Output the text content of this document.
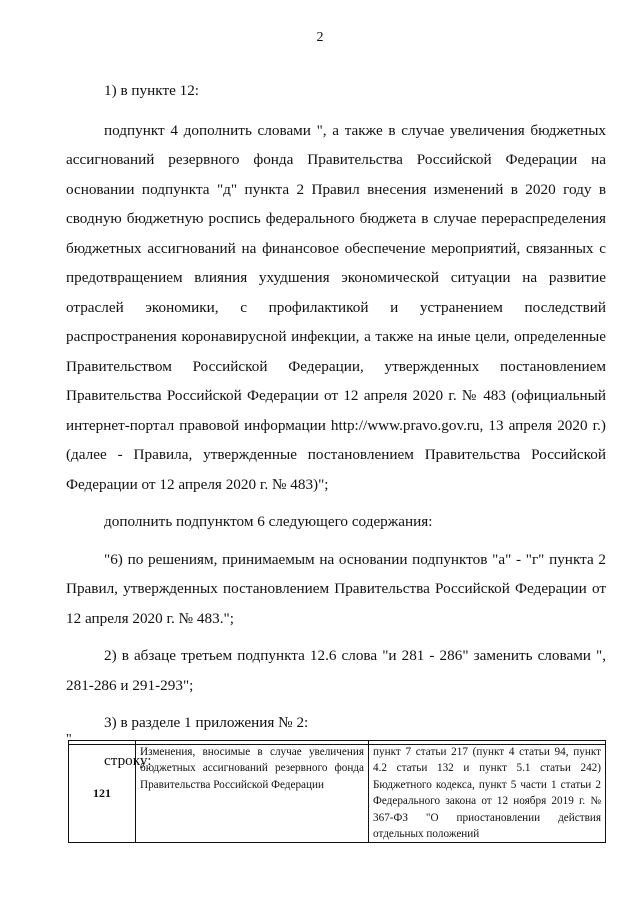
2

1) в пункте 12:

подпункт 4 дополнить словами ", а также в случае увеличения бюджетных ассигнований резервного фонда Правительства Российской Федерации на основании подпункта "д" пункта 2 Правил внесения изменений в 2020 году в сводную бюджетную роспись федерального бюджета в случае перераспределения бюджетных ассигнований на финансовое обеспечение мероприятий, связанных с предотвращением влияния ухудшения экономической ситуации на развитие отраслей экономики, с профилактикой и устранением последствий распространения коронавирусной инфекции, а также на иные цели, определенные Правительством Российской Федерации, утвержденных постановлением Правительства Российской Федерации от 12 апреля 2020 г. № 483 (официальный интернет-портал правовой информации http://www.pravo.gov.ru, 13 апреля 2020 г.) (далее - Правила, утвержденные постановлением Правительства Российской Федерации от 12 апреля 2020 г. № 483)";

дополнить подпунктом 6 следующего содержания:

"6) по решениям, принимаемым на основании подпунктов "а" - "г" пункта 2 Правил, утвержденных постановлением Правительства Российской Федерации от 12 апреля 2020 г. № 483.";

2) в абзаце третьем подпункта 12.6 слова "и 281 - 286" заменить словами ", 281-286 и 291-293";

3) в разделе 1 приложения № 2:

строку:

"
121	Изменения, вносимые в случае увеличения бюджетных ассигнований резервного фонда Правительства Российской Федерации	пункт 7 статьи 217 (пункт 4 статьи 94, пункт 4.2 статьи 132 и пункт 5.1 статьи 242) Бюджетного кодекса, пункт 5 части 1 статьи 2 Федерального закона от 12 ноября 2019 г. № 367-ФЗ "О приостановлении действия отдельных положений
